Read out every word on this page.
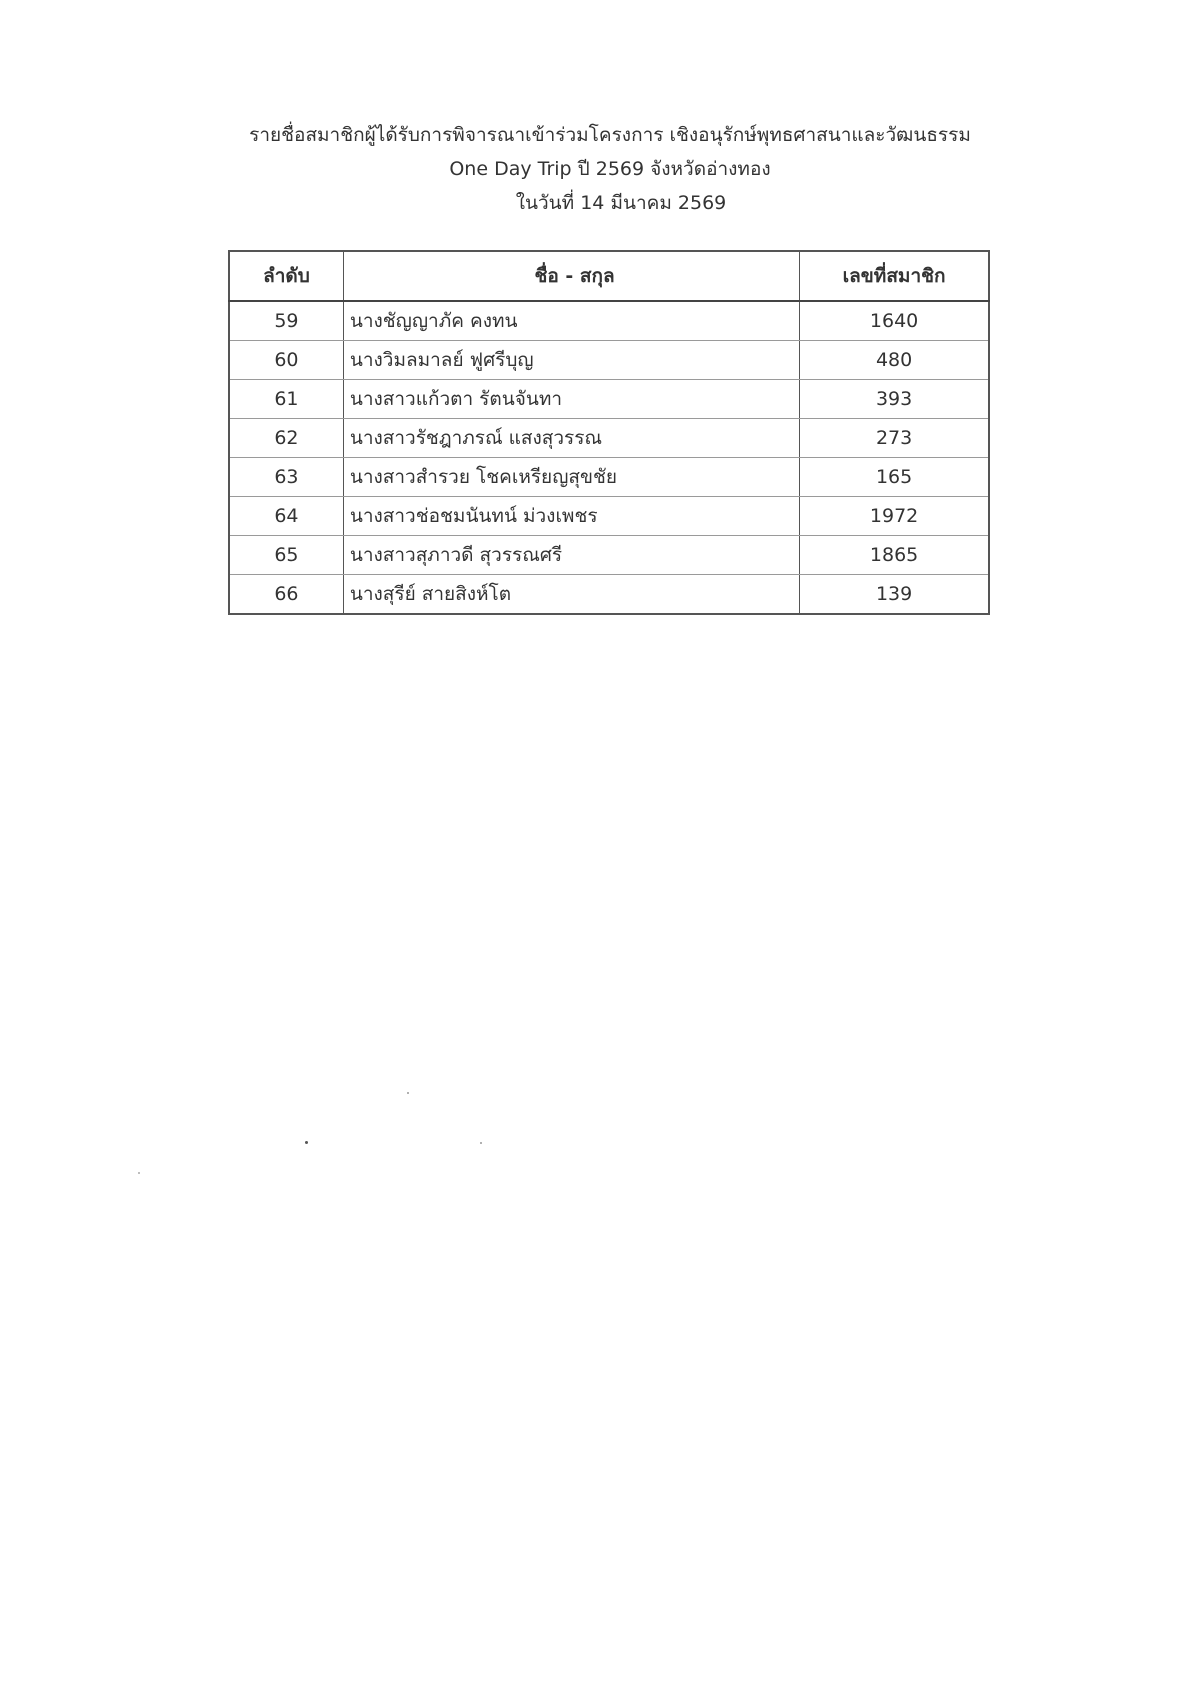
รายชื่อสมาชิกผู้ได้รับการพิจารณาเข้าร่วมโครงการ เชิงอนุรักษ์พุทธศาสนาและวัฒนธรรม
One Day Trip ปี 2569 จังหวัดอ่างทอง
ในวันที่ 14 มีนาคม 2569
ลำดับ	ชื่อ - สกุล	เลขที่สมาชิก
59	นางชัญญาภัค คงทน	1640
60	นางวิมลมาลย์ ฟูศรีบุญ	480
61	นางสาวแก้วตา รัตนจันทา	393
62	นางสาวรัชฎาภรณ์ แสงสุวรรณ	273
63	นางสาวสำรวย โชคเหรียญสุขชัย	165
64	นางสาวช่อชมนันทน์ ม่วงเพชร	1972
65	นางสาวสุภาวดี สุวรรณศรี	1865
66	นางสุรีย์ สายสิงห์โต	139
